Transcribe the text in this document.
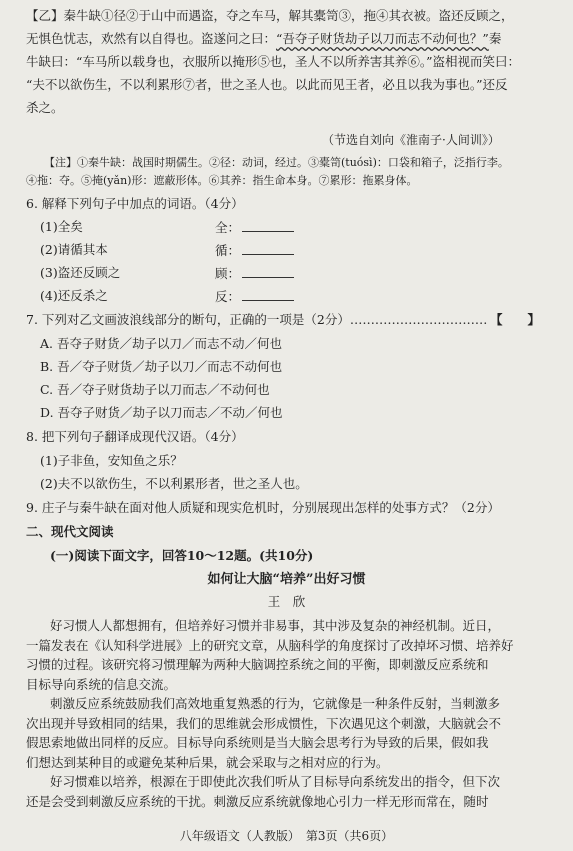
【乙】秦牛缺①径②于山中而遇盗，夺之车马，解其橐笥③，拖④其衣被。盗还反顾之，
无惧色忧志，欢然有以自得也。盗遂问之曰：“吾夺子财货劫子以刀而志不动何也？”秦
牛缺曰：“车马所以载身也，衣服所以掩形⑤也，圣人不以所养害其养⑥。”盗相视而笑曰：
“夫不以欲伤生，不以利累形⑦者，世之圣人也。以此而见王者，必且以我为事也。”还反
杀之。
（节选自刘向《淮南子·人间训》）
【注】①秦牛缺：战国时期儒生。②径：动词，经过。③橐笥(tuósì)：口袋和箱子，泛指行李。
④拖：夺。⑤掩(yǎn)形：遮蔽形体。⑥其养：指生命本身。⑦累形：拖累身体。
6. 解释下列句子中加点的词语。（4分）
(1)全矣	全：
(2)请循其本	循：
(3)盗还反顾之	顾：
(4)还反杀之	反：
7. 下列对乙文画波浪线部分的断句，正确的一项是（2分）…………………………… 【　　】
A. 吾夺子财货／劫子以刀／而志不动／何也
B. 吾／夺子财货／劫子以刀／而志不动何也
C. 吾／夺子财货劫子以刀而志／不动何也
D. 吾夺子财货／劫子以刀而志／不动／何也
8. 把下列句子翻译成现代汉语。（4分）
(1)子非鱼，安知鱼之乐？
(2)夫不以欲伤生，不以利累形者，世之圣人也。
9. 庄子与秦牛缺在面对他人质疑和现实危机时，分别展现出怎样的处事方式？（2分）
二、现代文阅读
(一)阅读下面文字，回答10～12题。(共10分)
如何让大脑“培养”出好习惯
王　欣
好习惯人人都想拥有，但培养好习惯并非易事，其中涉及复杂的神经机制。近日，
一篇发表在《认知科学进展》上的研究文章，从脑科学的角度探讨了改掉坏习惯、培养好
习惯的过程。该研究将习惯理解为两种大脑调控系统之间的平衡，即刺激反应系统和
目标导向系统的信息交流。
刺激反应系统鼓励我们高效地重复熟悉的行为，它就像是一种条件反射，当刺激多
次出现并导致相同的结果，我们的思维就会形成惯性，下次遇见这个刺激，大脑就会不
假思索地做出同样的反应。目标导向系统则是当大脑会思考行为导致的后果，假如我
们想达到某种目的或避免某种后果，就会采取与之相对应的行为。
好习惯难以培养，根源在于即使此次我们听从了目标导向系统发出的指令，但下次
还是会受到刺激反应系统的干扰。刺激反应系统就像地心引力一样无形而常在，随时
八年级语文（人教版）　第3页（共6页）
